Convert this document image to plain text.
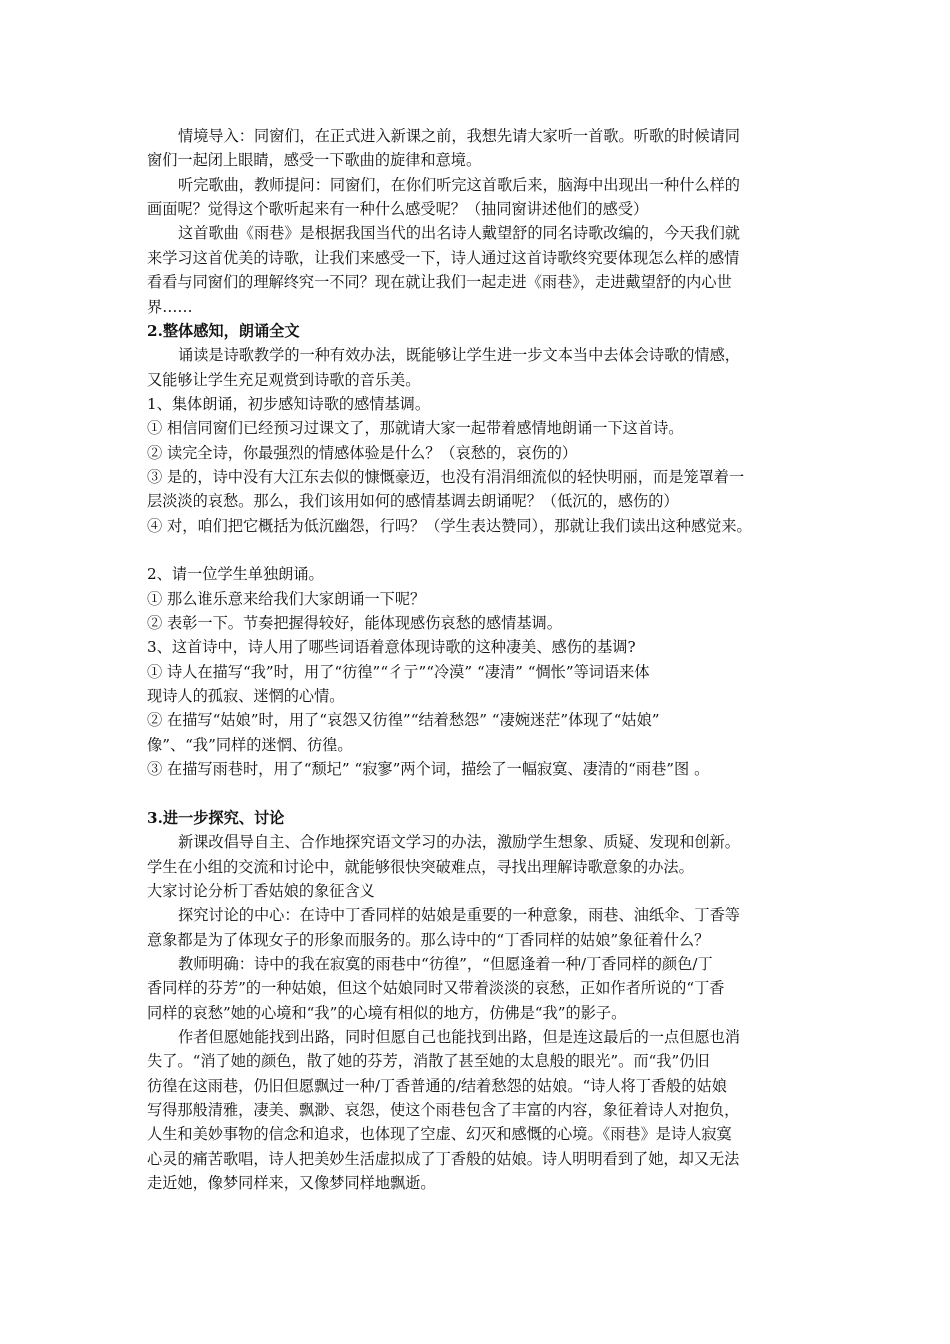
情境导入：同窗们，在正式进入新课之前，我想先请大家听一首歌。听歌的时候请同
窗们一起闭上眼睛，感受一下歌曲的旋律和意境。
听完歌曲，教师提问：同窗们，在你们听完这首歌后来，脑海中出现出一种什么样的
画面呢？觉得这个歌听起来有一种什么感受呢？（抽同窗讲述他们的感受）
这首歌曲《雨巷》是根据我国当代的出名诗人戴望舒的同名诗歌改编的，今天我们就
来学习这首优美的诗歌，让我们来感受一下，诗人通过这首诗歌终究要体现怎么样的感情
看看与同窗们的理解终究一不同？现在就让我们一起走进《雨巷》，走进戴望舒的内心世
界……
2.整体感知，朗诵全文
诵读是诗歌教学的一种有效办法，既能够让学生进一步文本当中去体会诗歌的情感，
又能够让学生充足观赏到诗歌的音乐美。
1、集体朗诵，初步感知诗歌的感情基调。
① 相信同窗们已经预习过课文了，那就请大家一起带着感情地朗诵一下这首诗。
② 读完全诗，你最强烈的情感体验是什么？（哀愁的，哀伤的）
③ 是的，诗中没有大江东去似的慷慨豪迈，也没有涓涓细流似的轻快明丽，而是笼罩着一
层淡淡的哀愁。那么，我们该用如何的感情基调去朗诵呢？（低沉的，感伤的）
④ 对，咱们把它概括为低沉幽怨，行吗？（学生表达赞同），那就让我们读出这种感觉来。
2、请一位学生单独朗诵。
① 那么谁乐意来给我们大家朗诵一下呢？
② 表彰一下。节奏把握得较好，能体现感伤哀愁的感情基调。
3、这首诗中，诗人用了哪些词语着意体现诗歌的这种凄美、感伤的基调?
① 诗人在描写“我”时，用了“彷徨”“彳亍”“冷漠” “凄清” “惆怅”等词语来体
现诗人的孤寂、迷惘的心情。
② 在描写“姑娘”时，用了“哀怨又彷徨”“结着愁怨” “凄婉迷茫”体现了“姑娘”
像”、“我”同样的迷惘、彷徨。
③ 在描写雨巷时，用了“颓圮” “寂寥”两个词，描绘了一幅寂寞、凄清的“雨巷”图 。
3.进一步探究、讨论
新课改倡导自主、合作地探究语文学习的办法，激励学生想象、质疑、发现和创新。
学生在小组的交流和讨论中，就能够很快突破难点，寻找出理解诗歌意象的办法。
大家讨论分析丁香姑娘的象征含义
探究讨论的中心：在诗中丁香同样的姑娘是重要的一种意象，雨巷、油纸伞、丁香等
意象都是为了体现女子的形象而服务的。那么诗中的“丁香同样的姑娘”象征着什么？
教师明确：诗中的我在寂寞的雨巷中“彷徨”，“但愿逢着一种/丁香同样的颜色/丁
香同样的芬芳”的一种姑娘，但这个姑娘同时又带着淡淡的哀愁，正如作者所说的“丁香
同样的哀愁”她的心境和“我”的心境有相似的地方，仿佛是“我”的影子。
作者但愿她能找到出路，同时但愿自己也能找到出路，但是连这最后的一点但愿也消
失了。“消了她的颜色，散了她的芬芳，消散了甚至她的太息般的眼光”。而“我”仍旧
彷徨在这雨巷，仍旧但愿飘过一种/丁香普通的/结着愁怨的姑娘。“诗人将丁香般的姑娘
写得那般清雅，凄美、飘渺、哀怨，使这个雨巷包含了丰富的内容，象征着诗人对抱负，
人生和美妙事物的信念和追求，也体现了空虚、幻灭和感慨的心境。《雨巷》是诗人寂寞
心灵的痛苦歌唱，诗人把美妙生活虚拟成了丁香般的姑娘。诗人明明看到了她，却又无法
走近她，像梦同样来，又像梦同样地飘逝。
